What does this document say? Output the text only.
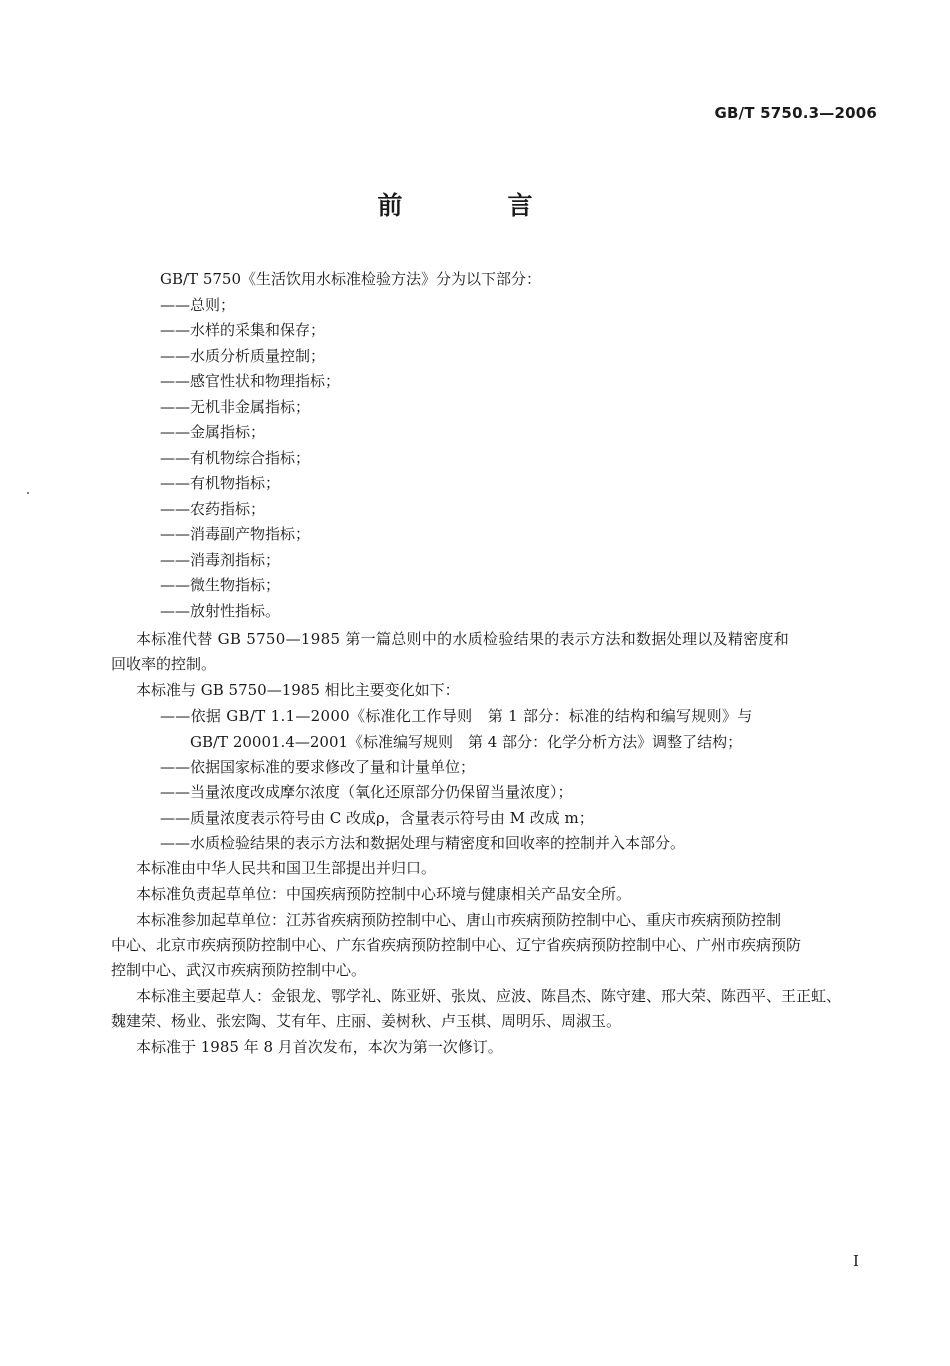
GB/T 5750.3—2006
前　言
GB/T 5750《生活饮用水标准检验方法》分为以下部分：
——总则；
——水样的采集和保存；
——水质分析质量控制；
——感官性状和物理指标；
——无机非金属指标；
——金属指标；
——有机物综合指标；
——有机物指标；
——农药指标；
——消毒副产物指标；
——消毒剂指标；
——微生物指标；
——放射性指标。
本标准代替 GB 5750—1985 第一篇总则中的水质检验结果的表示方法和数据处理以及精密度和
回收率的控制。
本标准与 GB 5750—1985 相比主要变化如下：
——依据 GB/T 1.1—2000《标准化工作导则　第 1 部分：标准的结构和编写规则》与
GB/T 20001.4—2001《标准编写规则　第 4 部分：化学分析方法》调整了结构；
——依据国家标准的要求修改了量和计量单位；
——当量浓度改成摩尔浓度（氧化还原部分仍保留当量浓度）；
——质量浓度表示符号由 C 改成ρ，含量表示符号由 M 改成 m；
——水质检验结果的表示方法和数据处理与精密度和回收率的控制并入本部分。
本标准由中华人民共和国卫生部提出并归口。
本标准负责起草单位：中国疾病预防控制中心环境与健康相关产品安全所。
本标准参加起草单位：江苏省疾病预防控制中心、唐山市疾病预防控制中心、重庆市疾病预防控制
中心、北京市疾病预防控制中心、广东省疾病预防控制中心、辽宁省疾病预防控制中心、广州市疾病预防
控制中心、武汉市疾病预防控制中心。
本标准主要起草人：金银龙、鄂学礼、陈亚妍、张岚、应波、陈昌杰、陈守建、邢大荣、陈西平、王正虹、
魏建荣、杨业、张宏陶、艾有年、庄丽、姜树秋、卢玉棋、周明乐、周淑玉。
本标准于 1985 年 8 月首次发布，本次为第一次修订。
I
